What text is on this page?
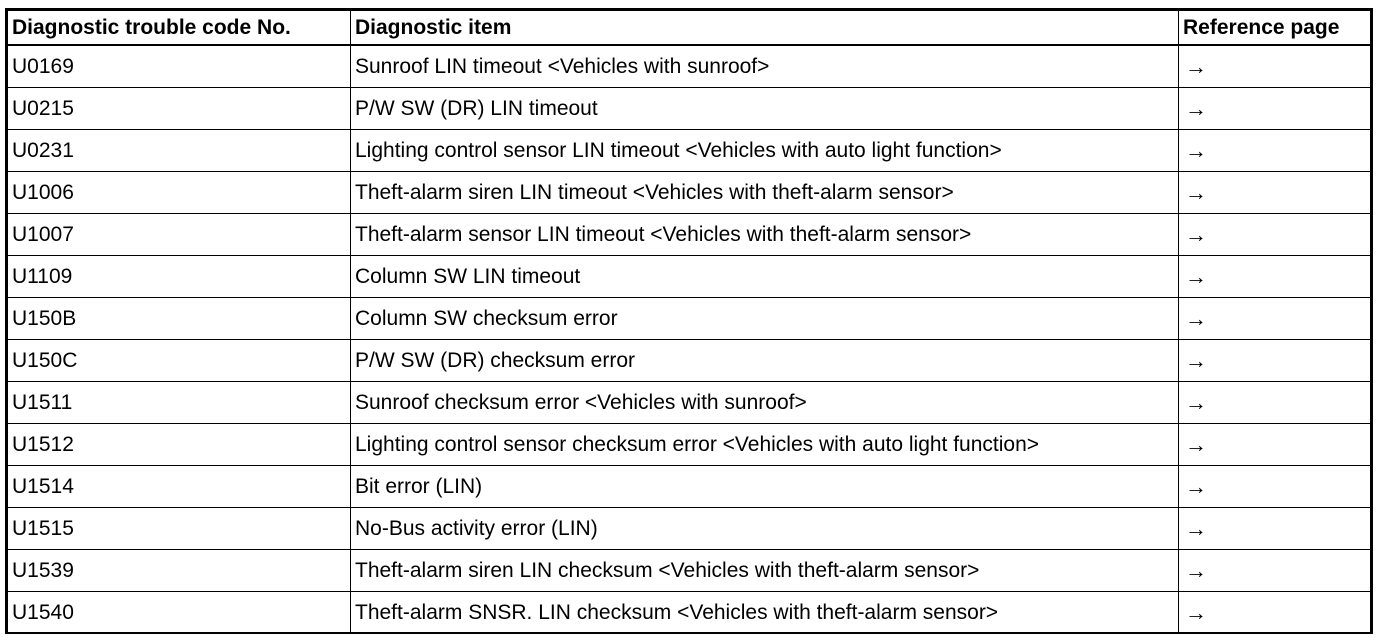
Diagnostic trouble code No.	Diagnostic item	Reference page
U0169	Sunroof LIN timeout <Vehicles with sunroof>	→
U0215	P/W SW (DR) LIN timeout	→
U0231	Lighting control sensor LIN timeout <Vehicles with auto light function>	→
U1006	Theft-alarm siren LIN timeout <Vehicles with theft-alarm sensor>	→
U1007	Theft-alarm sensor LIN timeout <Vehicles with theft-alarm sensor>	→
U1109	Column SW LIN timeout	→
U150B	Column SW checksum error	→
U150C	P/W SW (DR) checksum error	→
U1511	Sunroof checksum error <Vehicles with sunroof>	→
U1512	Lighting control sensor checksum error <Vehicles with auto light function>	→
U1514	Bit error (LIN)	→
U1515	No-Bus activity error (LIN)	→
U1539	Theft-alarm siren LIN checksum <Vehicles with theft-alarm sensor>	→
U1540	Theft-alarm SNSR. LIN checksum <Vehicles with theft-alarm sensor>	→
